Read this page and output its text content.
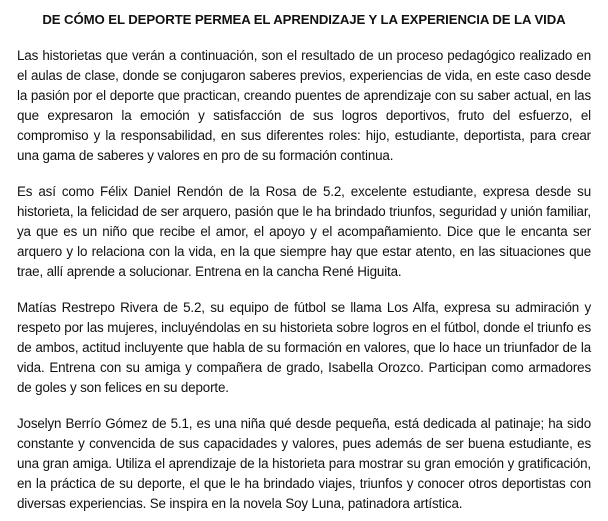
DE CÓMO EL DEPORTE PERMEA EL APRENDIZAJE Y LA EXPERIENCIA DE LA VIDA

Las historietas que verán a continuación, son el resultado de un proceso pedagógico realizado en el aulas de clase, donde se conjugaron saberes previos, experiencias de vida, en este caso desde la pasión por el deporte que practican, creando puentes de aprendizaje con su saber actual, en las que expresaron la emoción y satisfacción de sus logros deportivos, fruto del esfuerzo, el compromiso y la responsabilidad, en sus diferentes roles: hijo, estudiante, deportista, para crear una gama de saberes y valores en pro de su formación continua.

Es así como Félix Daniel Rendón de la Rosa de 5.2, excelente estudiante, expresa desde su historieta, la felicidad de ser arquero, pasión que le ha brindado triunfos, seguridad y unión familiar, ya que es un niño que recibe el amor, el apoyo y el acompañamiento. Dice que le encanta ser arquero y lo relaciona con la vida, en la que siempre hay que estar atento, en las situaciones que trae, allí aprende a solucionar. Entrena en la cancha René Higuita.

Matías Restrepo Rivera de 5.2, su equipo de fútbol se llama Los Alfa, expresa su admiración y respeto por las mujeres, incluyéndolas en su historieta sobre logros en el fútbol, donde el triunfo es de ambos, actitud incluyente que habla de su formación en valores, que lo hace un triunfador de la vida. Entrena con su amiga y compañera de grado, Isabella Orozco. Participan como armadores de goles y son felices en su deporte.

Joselyn Berrío Gómez de 5.1, es una niña qué desde pequeña, está dedicada al patinaje; ha sido constante y convencida de sus capacidades y valores, pues además de ser buena estudiante, es una gran amiga. Utiliza el aprendizaje de la historieta para mostrar su gran emoción y gratificación, en la práctica de su deporte, el que le ha brindado viajes, triunfos y conocer otros deportistas con diversas experiencias. Se inspira en la novela Soy Luna, patinadora artística.
